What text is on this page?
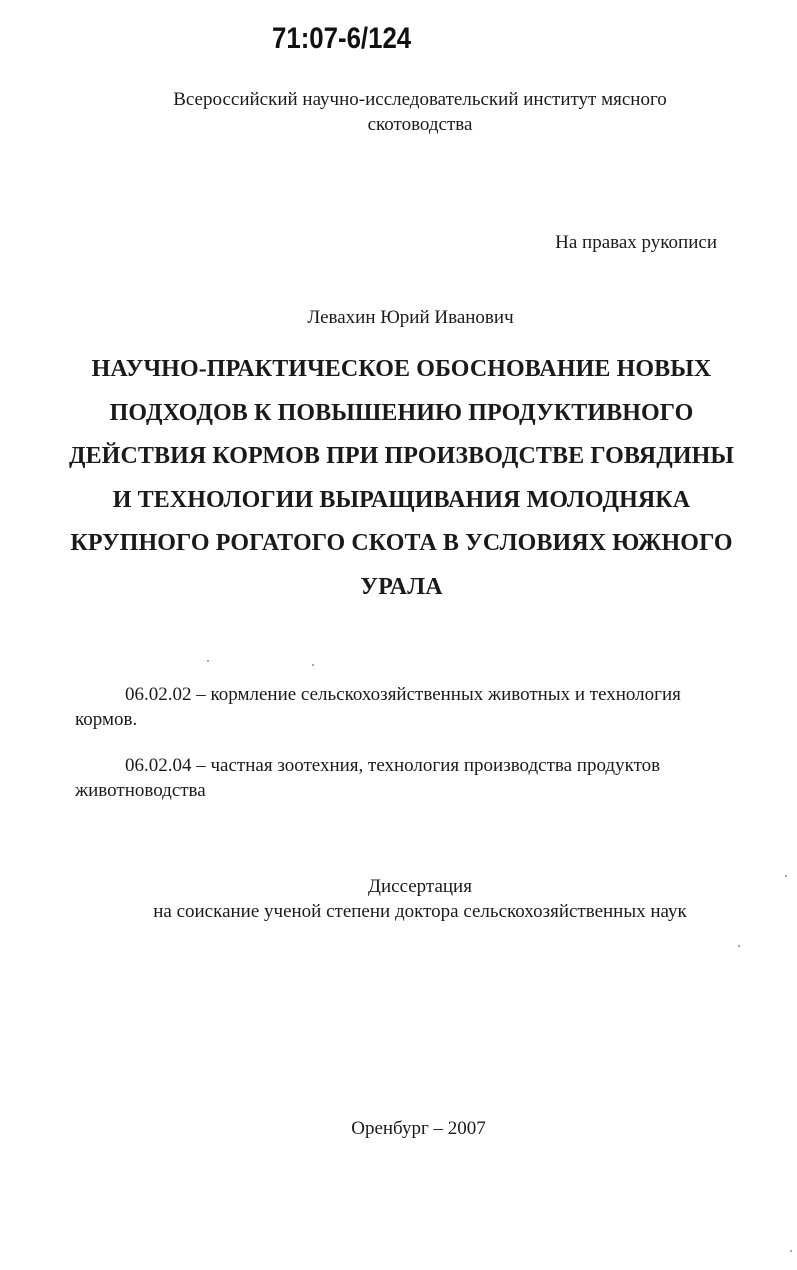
71:07-6/124
Всероссийский научно-исследовательский институт мясного
скотоводства
На правах рукописи
Левахин Юрий Иванович
НАУЧНО-ПРАКТИЧЕСКОЕ ОБОСНОВАНИЕ НОВЫХ
ПОДХОДОВ К ПОВЫШЕНИЮ ПРОДУКТИВНОГО
ДЕЙСТВИЯ КОРМОВ ПРИ ПРОИЗВОДСТВЕ ГОВЯДИНЫ
И ТЕХНОЛОГИИ ВЫРАЩИВАНИЯ МОЛОДНЯКА
КРУПНОГО РОГАТОГО СКОТА В УСЛОВИЯХ ЮЖНОГО
УРАЛА
06.02.02 – кормление сельскохозяйственных животных и технология
кормов.
06.02.04 – частная зоотехния, технология производства продуктов
животноводства
Диссертация
на соискание ученой степени доктора сельскохозяйственных наук
Оренбург – 2007
